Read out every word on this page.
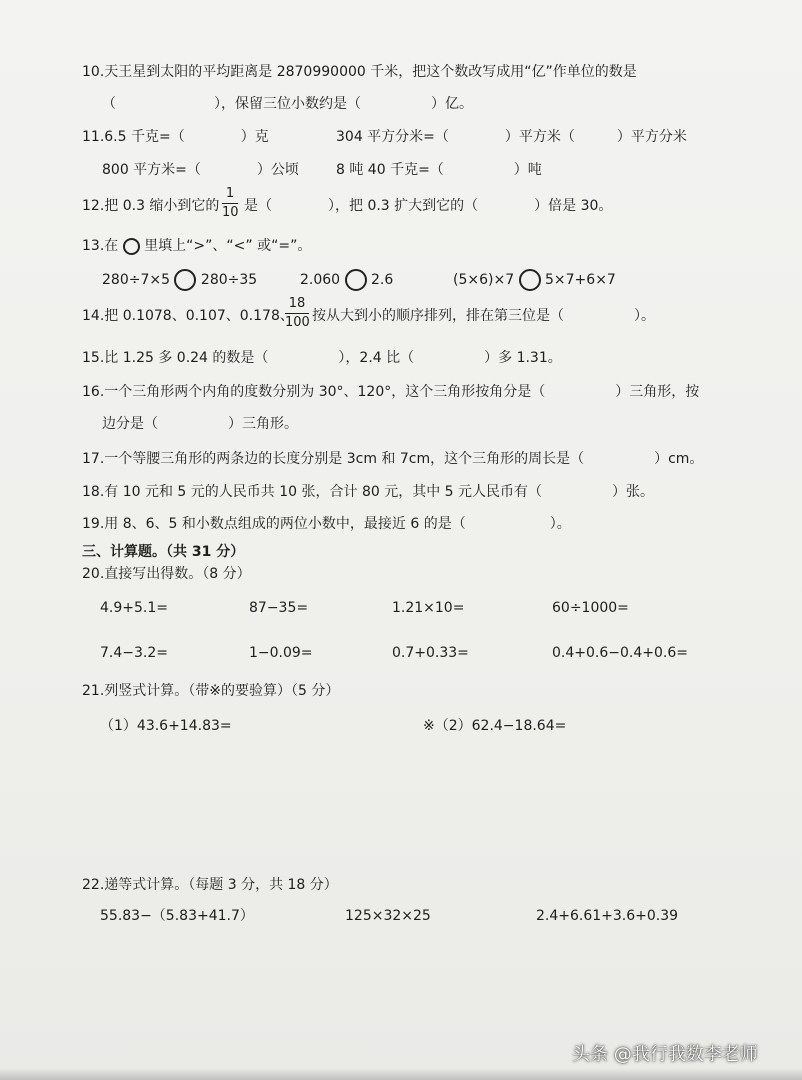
10.天王星到太阳的平均距离是 2870990000 千米，把这个数改写成用“亿”作单位的数是
（　　　　　　　），保留三位小数约是（　　　　　）亿。
11.6.5 千克=（　　　　）克	304 平方分米=（　　　　）平方米（　　　）平方分米
800 平方米=（　　　　）公顷	8 吨 40 千克=（　　　　　）吨
12.把 0.3 缩小到它的
1
10 是（　　　　），把 0.3 扩大到它的（　　　　）倍是 30。
13.在 里填上“>”、“<” 或“=”。
280÷7×5 280÷35	2.060 2.6	(5×6)×7 5×7+6×7
14.把 0.1078、0.107、0.178、
18
100 按从大到小的顺序排列，排在第三位是（　　　　　）。
15.比 1.25 多 0.24 的数是（　　　　　），2.4 比（　　　　　）多 1.31。
16.一个三角形两个内角的度数分别为 30°、120°，这个三角形按角分是（　　　　　）三角形，按
边分是（　　　　　）三角形。
17.一个等腰三角形的两条边的长度分别是 3cm 和 7cm，这个三角形的周长是（　　　　　）cm。
18.有 10 元和 5 元的人民币共 10 张，合计 80 元，其中 5 元人民币有（　　　　　）张。
19.用 8、6、5 和小数点组成的两位小数中，最接近 6 的是（　　　　　　）。
三、计算题。（共 31 分）
20.直接写出得数。（8 分）
4.9+5.1=	87−35=	1.21×10=	60÷1000=
7.4−3.2=	1−0.09=	0.7+0.33=	0.4+0.6−0.4+0.6=
21.列竖式计算。（带※的要验算）（5 分）
（1）43.6+14.83=	※（2）62.4−18.64=
22.递等式计算。（每题 3 分，共 18 分）
55.83−（5.83+41.7）	125×32×25	2.4+6.61+3.6+0.39
头条 @我行我数李老师
